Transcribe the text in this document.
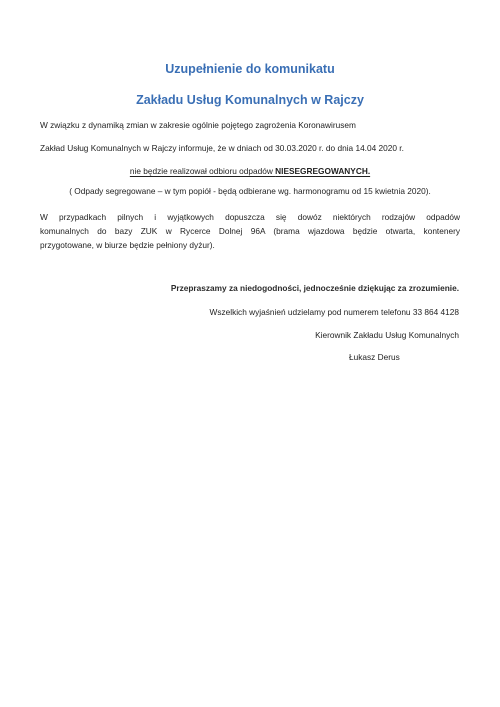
Uzupełnienie do komunikatu
Zakładu Usług Komunalnych w Rajczy
W związku z dynamiką zmian w zakresie ogólnie pojętego zagrożenia Koronawirusem
Zakład Usług Komunalnych w Rajczy informuje, że w dniach od 30.03.2020 r. do dnia 14.04 2020 r.
nie będzie realizował odbioru odpadów NIESEGREGOWANYCH.
( Odpady segregowane – w tym popiół - będą odbierane wg. harmonogramu od 15 kwietnia 2020).
W przypadkach pilnych i wyjątkowych dopuszcza się dowóz niektórych rodzajów odpadów
komunalnych do bazy ZUK w Rycerce Dolnej 96A (brama wjazdowa będzie otwarta, kontenery
przygotowane, w biurze będzie pełniony dyżur).
Przepraszamy za niedogodności, jednocześnie dziękując za zrozumienie.
Wszelkich wyjaśnień udzielamy pod numerem telefonu 33 864 4128
Kierownik Zakładu Usług Komunalnych
Łukasz Derus
